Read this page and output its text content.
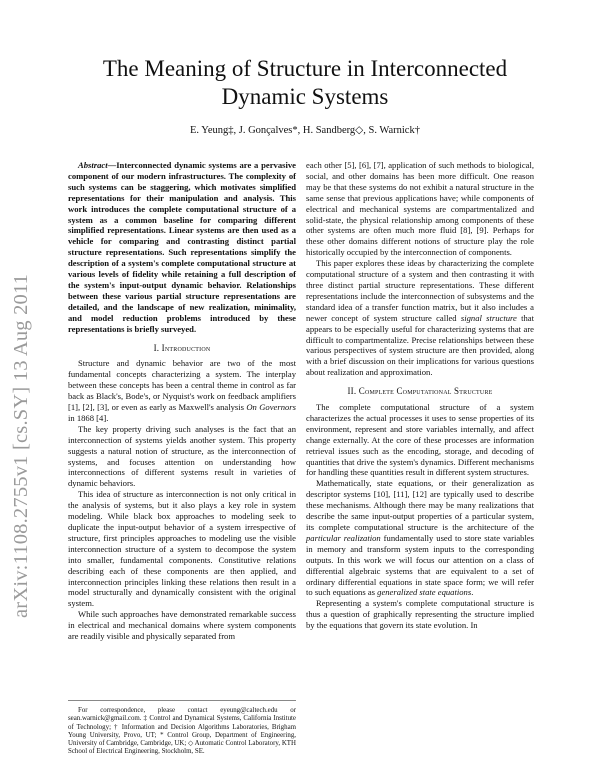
arXiv:1108.2755v1 [cs.SY] 13 Aug 2011
The Meaning of Structure in Interconnected
Dynamic Systems
E. Yeung‡, J. Gonçalves*, H. Sandberg◇, S. Warnick†

Abstract—Interconnected dynamic systems are a pervasive component of our modern infrastructures. The complexity of such systems can be staggering, which motivates simplified representations for their manipulation and analysis. This work introduces the complete computational structure of a system as a common baseline for comparing different simplified representations. Linear systems are then used as a vehicle for comparing and contrasting distinct partial structure representations. Such representations simplify the description of a system's complete computational structure at various levels of fidelity while retaining a full description of the system's input-output dynamic behavior. Relationships between these various partial structure representations are detailed, and the landscape of new realization, minimality, and model reduction problems introduced by these representations is briefly surveyed.

I. Introduction

Structure and dynamic behavior are two of the most fundamental concepts characterizing a system. The interplay between these concepts has been a central theme in control as far back as Black's, Bode's, or Nyquist's work on feedback amplifiers [1], [2], [3], or even as early as Maxwell's analysis On Governors in 1868 [4].

The key property driving such analyses is the fact that an interconnection of systems yields another system. This property suggests a natural notion of structure, as the interconnection of systems, and focuses attention on understanding how interconnections of different systems result in varieties of dynamic behaviors.

This idea of structure as interconnection is not only critical in the analysis of systems, but it also plays a key role in system modeling. While black box approaches to modeling seek to duplicate the input-output behavior of a system irrespective of structure, first principles approaches to modeling use the visible interconnection structure of a system to decompose the system into smaller, fundamental components. Constitutive relations describing each of these components are then applied, and interconnection principles linking these relations then result in a model structurally and dynamically consistent with the original system.

While such approaches have demonstrated remarkable success in electrical and mechanical domains where system components are readily visible and physically separated from

For correspondence, please contact eyeung@caltech.edu or sean.warnick@gmail.com. ‡ Control and Dynamical Systems, California Institute of Technology; † Information and Decision Algorithms Laboratories, Brigham Young University, Provo, UT; * Control Group, Department of Engineering, University of Cambridge, Cambridge, UK; ◇ Automatic Control Laboratory, KTH School of Electrical Engineering, Stockholm, SE.

each other [5], [6], [7], application of such methods to biological, social, and other domains has been more difficult. One reason may be that these systems do not exhibit a natural structure in the same sense that previous applications have; while components of electrical and mechanical systems are compartmentalized and solid-state, the physical relationship among components of these other systems are often much more fluid [8], [9]. Perhaps for these other domains different notions of structure play the role historically occupied by the interconnection of components.

This paper explores these ideas by characterizing the complete computational structure of a system and then contrasting it with three distinct partial structure representations. These different representations include the interconnection of subsystems and the standard idea of a transfer function matrix, but it also includes a newer concept of system structure called signal structure that appears to be especially useful for characterizing systems that are difficult to compartmentalize. Precise relationships between these various perspectives of system structure are then provided, along with a brief discussion on their implications for various questions about realization and approximation.

II. Complete Computational Structure

The complete computational structure of a system characterizes the actual processes it uses to sense properties of its environment, represent and store variables internally, and affect change externally. At the core of these processes are information retrieval issues such as the encoding, storage, and decoding of quantities that drive the system's dynamics. Different mechanisms for handling these quantities result in different system structures.

Mathematically, state equations, or their generalization as descriptor systems [10], [11], [12] are typically used to describe these mechanisms. Although there may be many realizations that describe the same input-output properties of a particular system, its complete computational structure is the architecture of the particular realization fundamentally used to store state variables in memory and transform system inputs to the corresponding outputs. In this work we will focus our attention on a class of differential algebraic systems that are equivalent to a set of ordinary differential equations in state space form; we will refer to such equations as generalized state equations.

Representing a system's complete computational structure is thus a question of graphically representing the structure implied by the equations that govern its state evolution. In
